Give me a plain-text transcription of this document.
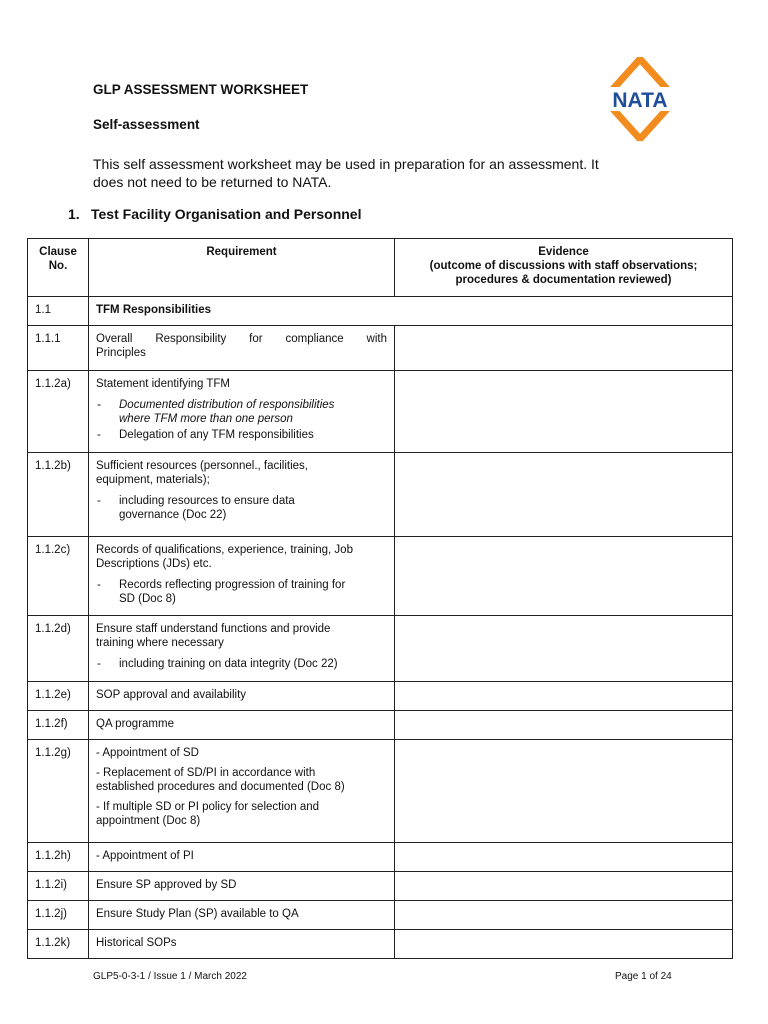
GLP ASSESSMENT WORKSHEET
Self-assessment
This self assessment worksheet may be used in preparation for an assessment. It
does not need to be returned to NATA.
NATA
1. Test Facility Organisation and Personnel
Clause
No.	Requirement	Evidence
(outcome of discussions with staff observations;
procedures & documentation reviewed)

1.1	TFM Responsibilities	
1.1.1	Overall Responsibility for compliance with
Principles	

1.1.2a)	Statement identifying TFM
- Documented distribution of responsibilities
where TFM more than one person
- Delegation of any TFM responsibilities

1.1.2b)	Sufficient resources (personnel., facilities,
equipment, materials);
- including resources to ensure data
governance (Doc 22)

1.1.2c)	Records of qualifications, experience, training, Job
Descriptions (JDs) etc.
- Records reflecting progression of training for
SD (Doc 8)

1.1.2d)	Ensure staff understand functions and provide
training where necessary
- including training on data integrity (Doc 22)

1.1.2e)	SOP approval and availability	
1.1.2f)	QA programme	
1.1.2g)	- Appointment of SD
- Replacement of SD/PI in accordance with
established procedures and documented (Doc 8)
- If multiple SD or PI policy for selection and
appointment (Doc 8)	

1.1.2h)	- Appointment of PI	
1.1.2i)	Ensure SP approved by SD	
1.1.2j)	Ensure Study Plan (SP) available to QA	
1.1.2k)	Historical SOPs	
GLP5-0-3-1 / Issue 1 / March 2022	Page 1 of 24
